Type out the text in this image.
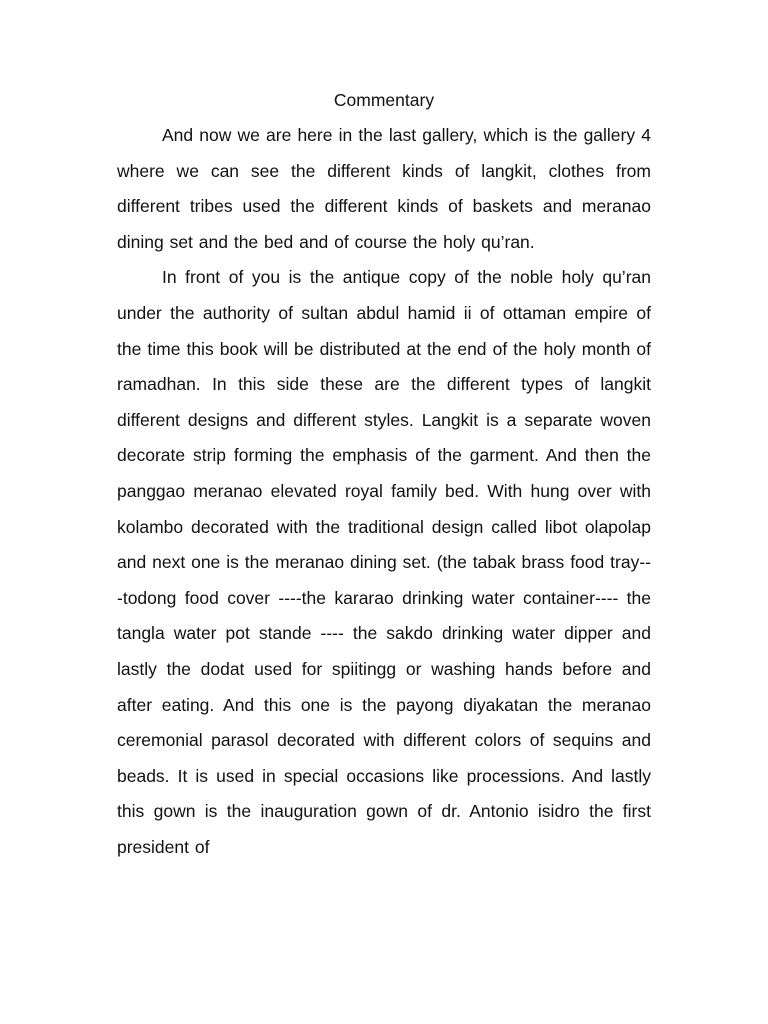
Commentary

And now we are here in the last gallery, which is the gallery 4 where we can see the different kinds of langkit, clothes from different tribes used the different kinds of baskets and meranao dining set and the bed and of course the holy qu’ran.

In front of you is the antique copy of the noble holy qu’ran under the authority of sultan abdul hamid ii of ottaman empire of the time this book will be distributed at the end of the holy month of ramadhan. In this side these are the different types of langkit different designs and different styles. Langkit is a separate woven decorate strip forming the emphasis of the garment. And then the panggao meranao elevated royal family bed. With hung over with kolambo decorated with the traditional design called libot olapolap and next one is the meranao dining set. (the tabak brass food tray---todong food cover ----the kararao drinking water container---- the tangla water pot stande ---- the sakdo drinking water dipper and lastly the dodat used for spiitingg or washing hands before and after eating. And this one is the payong diyakatan the meranao ceremonial parasol decorated with different colors of sequins and beads. It is used in special occasions like processions. And lastly this gown is the inauguration gown of dr. Antonio isidro the first president of
